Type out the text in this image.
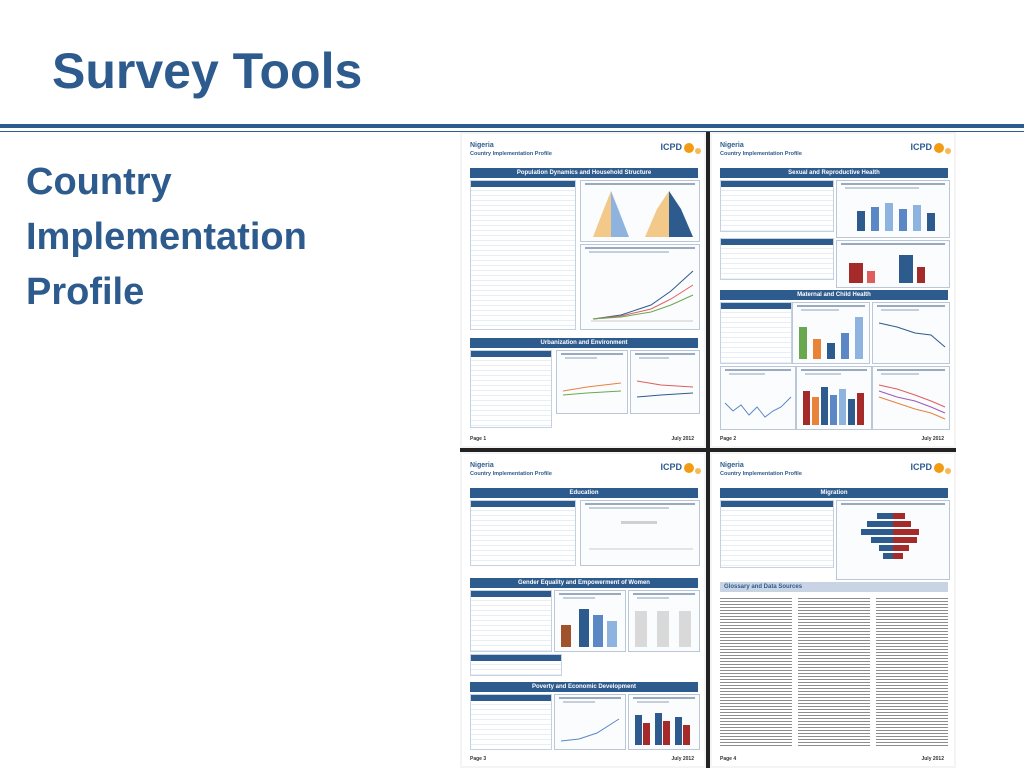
Survey Tools
Country
Implementation
Profile
Nigeria
Country Implementation Profile
ICPD
Population Dynamics and Household Structure
Urbanization and Environment
Page 1	July 2012
Nigeria
Country Implementation Profile
ICPD
Sexual and Reproductive Health
Maternal and Child Health
Page 2	July 2012
Nigeria
Country Implementation Profile
ICPD
Education
Gender Equality and Empowerment of Women
Poverty and Economic Development
Page 3	July 2012
Nigeria
Country Implementation Profile
ICPD
Migration
Glossary and Data Sources
Page 4	July 2012
